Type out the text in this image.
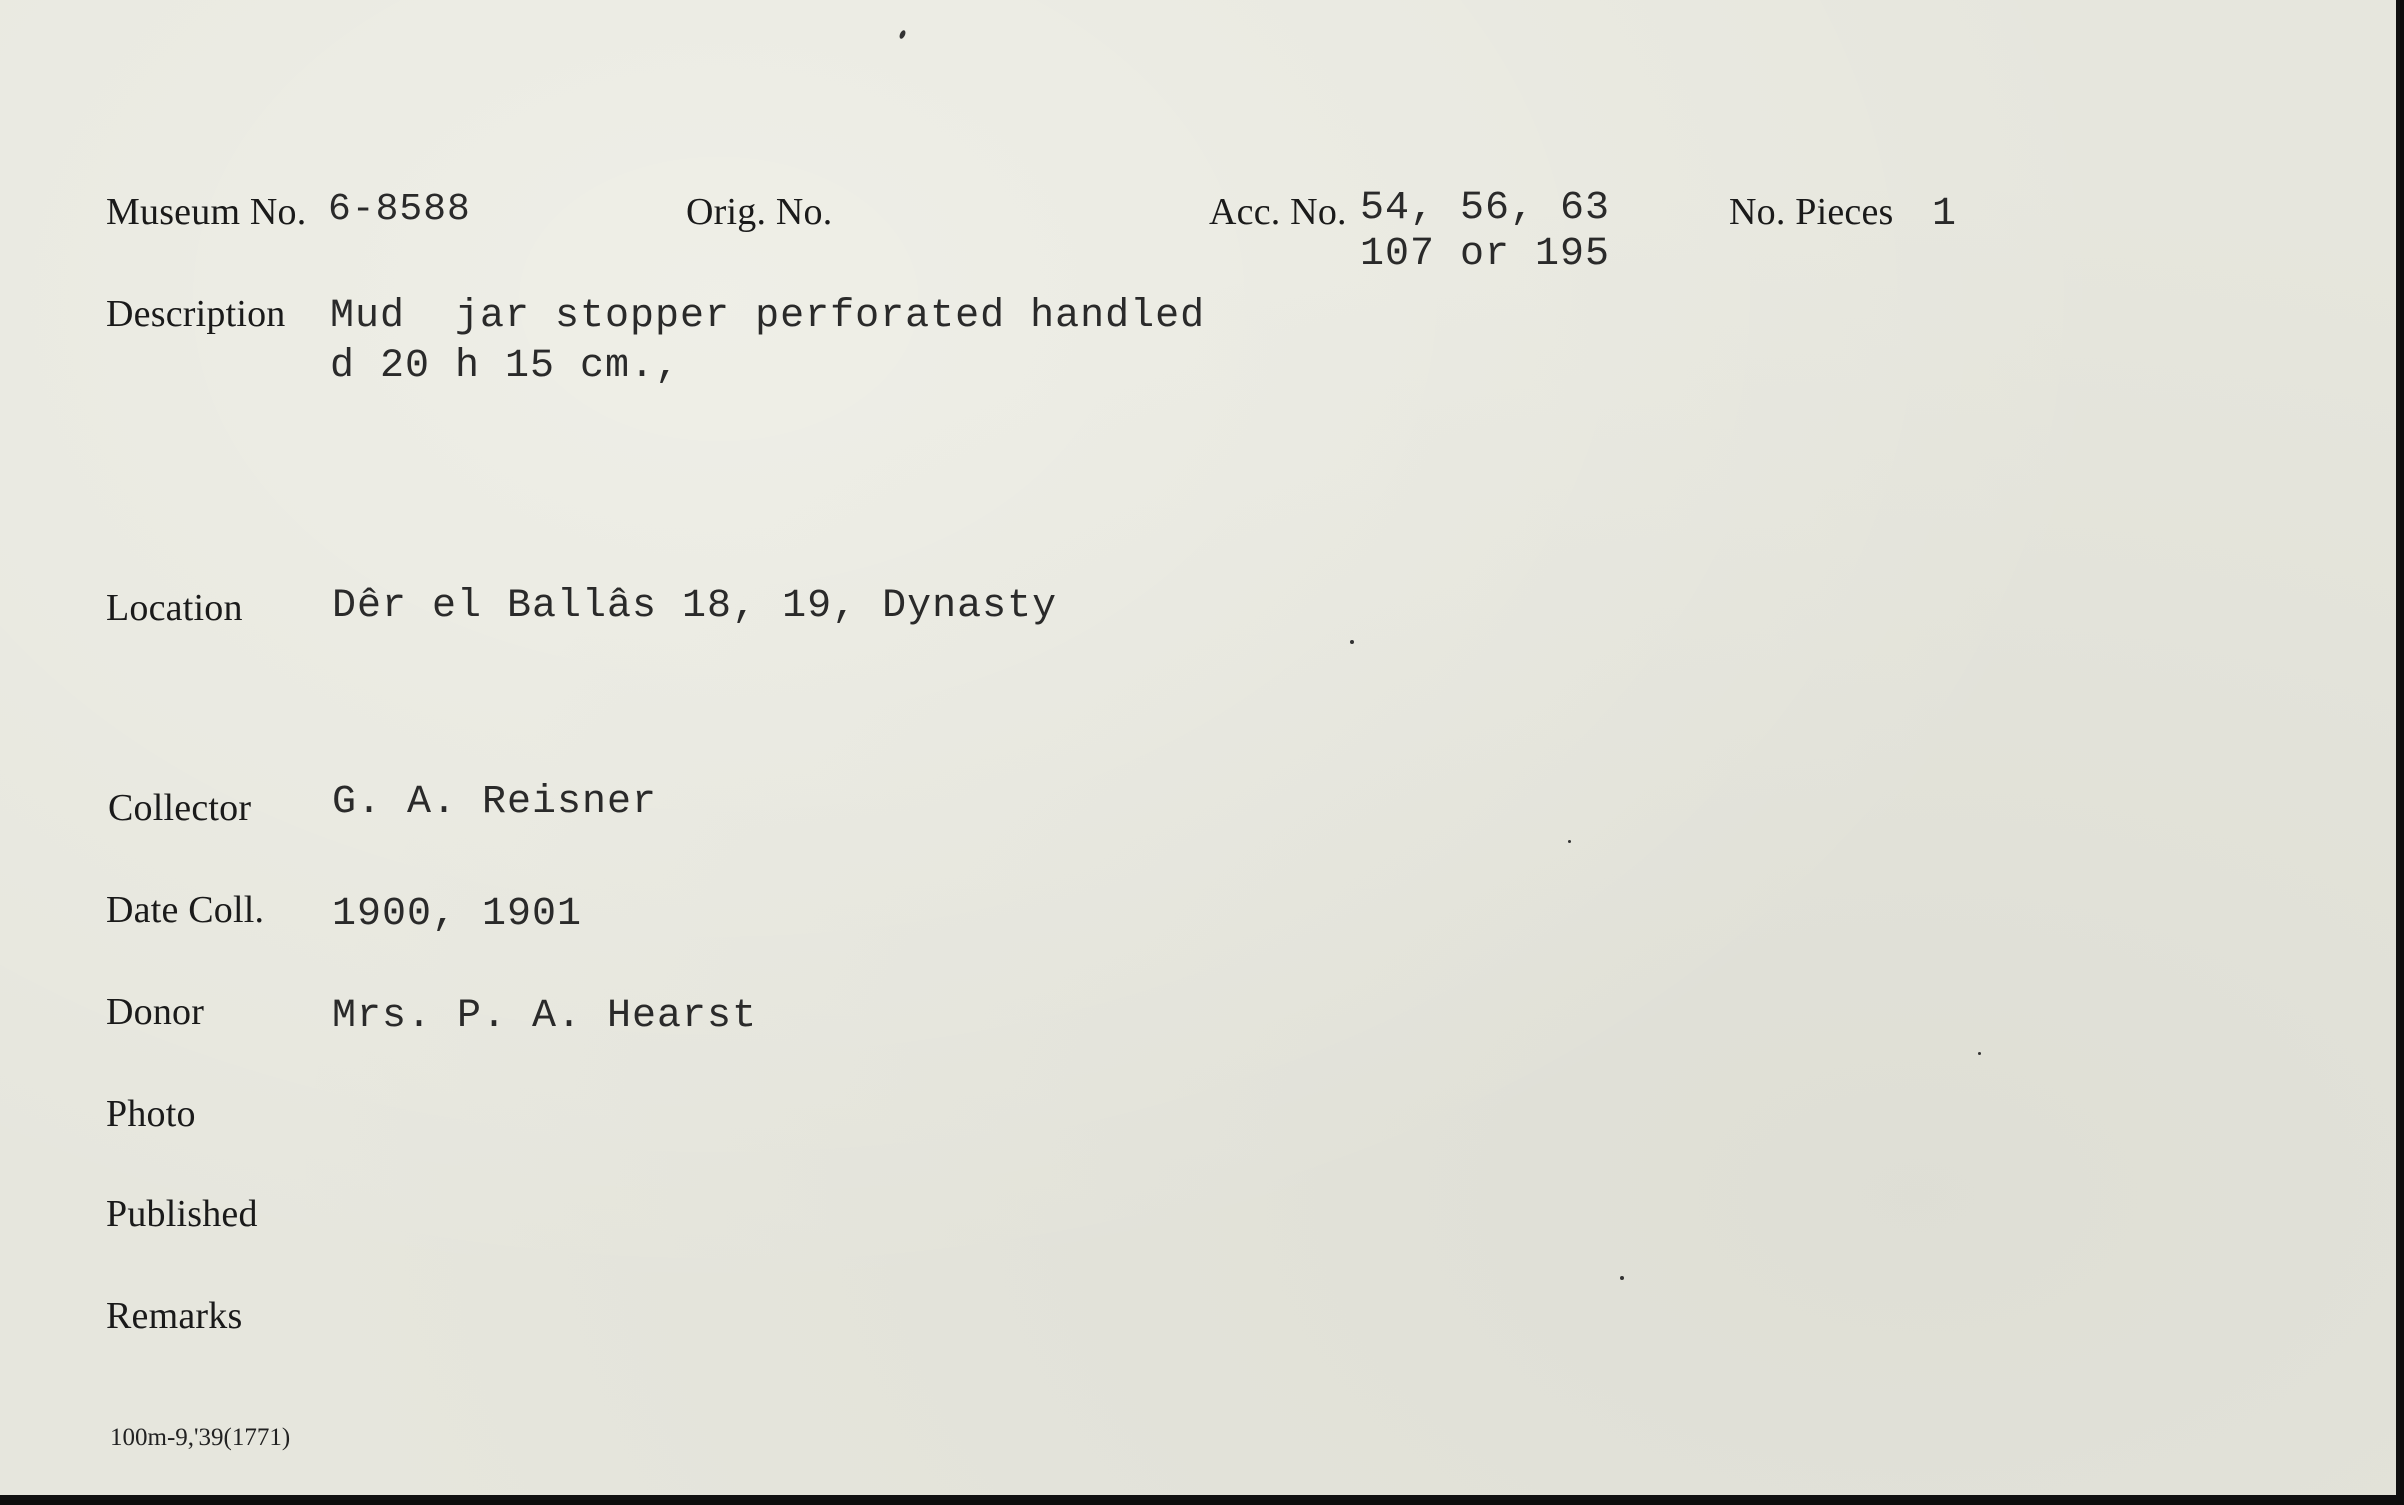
Museum No. 6-8588	Orig. No.	Acc. No. 54, 56, 63
107 or 195
No. Pieces 1
Description Mud  jar stopper perforated handled
d 20 h 15 cm.,
Location Dêr el Ballâs 18, 19, Dynasty
Collector G. A. Reisner
Date Coll. 1900, 1901
Donor	Mrs. P. A. Hearst
Photo
Published
Remarks
100m-9,'39(1771)
